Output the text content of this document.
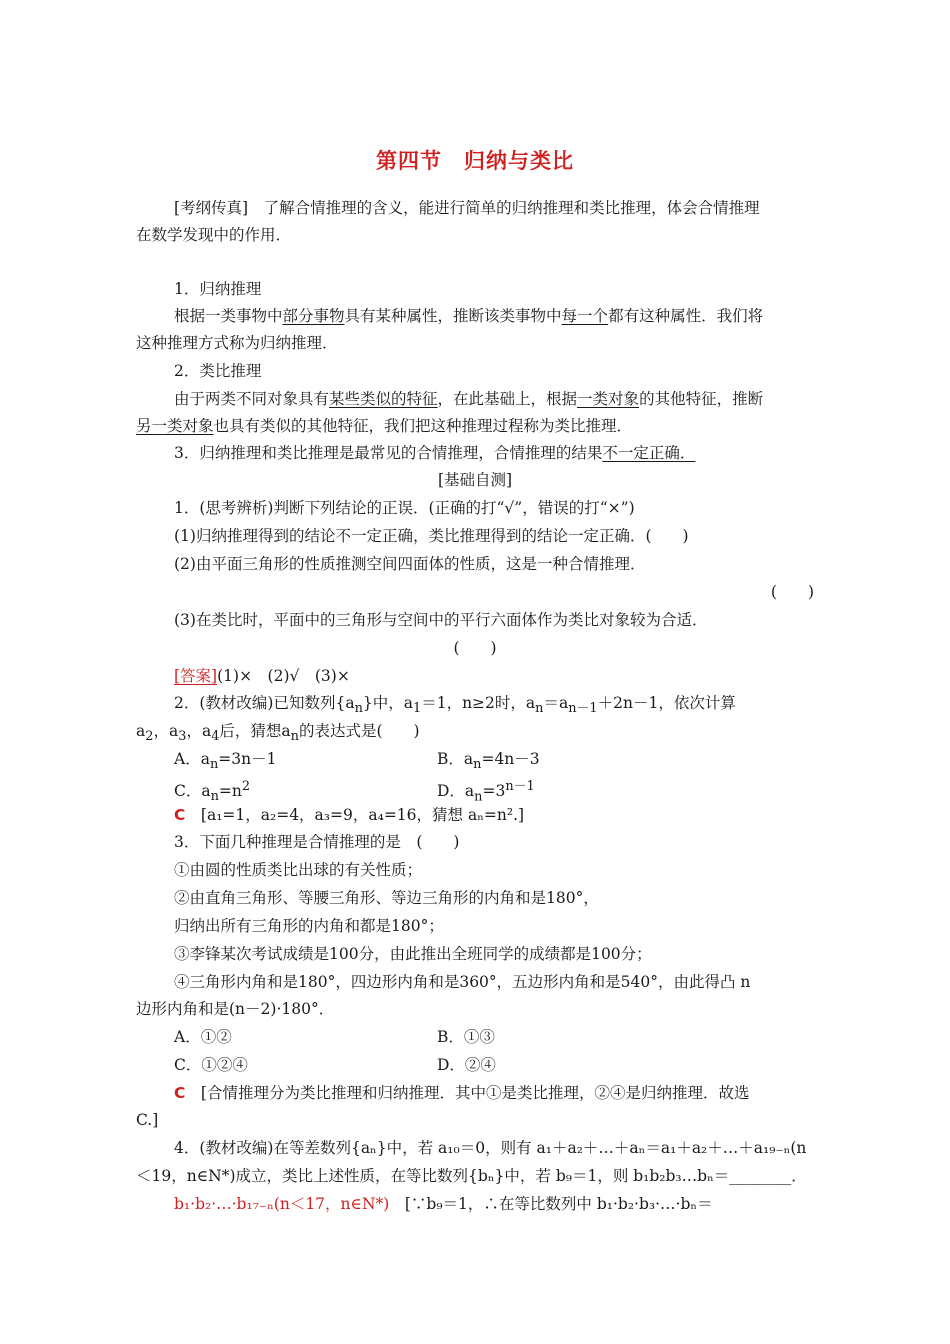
第四节　归纳与类比
[考纲传真]　了解合情推理的含义，能进行简单的归纳推理和类比推理，体会合情推理
在数学发现中的作用．
1．归纳推理
根据一类事物中部分事物具有某种属性，推断该类事物中每一个都有这种属性．我们将
这种推理方式称为归纳推理．
2．类比推理
由于两类不同对象具有某些类似的特征，在此基础上，根据一类对象的其他特征，推断
另一类对象也具有类似的其他特征，我们把这种推理过程称为类比推理．
3．归纳推理和类比推理是最常见的合情推理，合情推理的结果不一定正确．
[基础自测]
1．(思考辨析)判断下列结论的正误．(正确的打“√”，错误的打“×”)
(1)归纳推理得到的结论不一定正确，类比推理得到的结论一定正确．(　　)
(2)由平面三角形的性质推测空间四面体的性质，这是一种合情推理．
(　　)
(3)在类比时，平面中的三角形与空间中的平行六面体作为类比对象较为合适．
(　　)
[答案](1)×　(2)√　(3)×
2．(教材改编)已知数列$\{a_n\}$中，$a_1=1$，n≥2时，$a_n=a_{n-1}+2n-1$，依次计算
$a_2$，$a_3$，$a_4$后，猜想$a_n$的表达式是(　　)
A．$a_n=3n-1$	B．$a_n=4n-3$
C．$a_n=n^2$	D．$a_n=3^{n-1}$
C　 [a₁=1，a₂=4，a₃=9，a₄=16，猜想 aₙ=n².]
3．下面几种推理是合情推理的是　(　　)
①由圆的性质类比出球的有关性质；
②由直角三角形、等腰三角形、等边三角形的内角和是180°，
归纳出所有三角形的内角和都是180°；
③李锋某次考试成绩是100分，由此推出全班同学的成绩都是100分；
④三角形内角和是180°，四边形内角和是360°，五边形内角和是540°，由此得凸 n
边形内角和是(n－2)·180°．
A．①②	B．①③
C．①②④	D．②④
C　 [合情推理分为类比推理和归纳推理．其中①是类比推理，②④是归纳推理．故选
C.]
4．(教材改编)在等差数列{aₙ}中，若 a₁₀＝0，则有 a₁＋a₂＋…＋aₙ＝a₁＋a₂＋…＋a₁₉₋ₙ(n
＜19，n∈N*)成立，类比上述性质，在等比数列{bₙ}中，若 b₉＝1，则 b₁b₂b₃…bₙ＝________．
b₁·b₂·…·b₁₇₋ₙ(n＜17，n∈N*)　 [∵b₉＝1，∴在等比数列中 b₁·b₂·b₃·…·bₙ＝
